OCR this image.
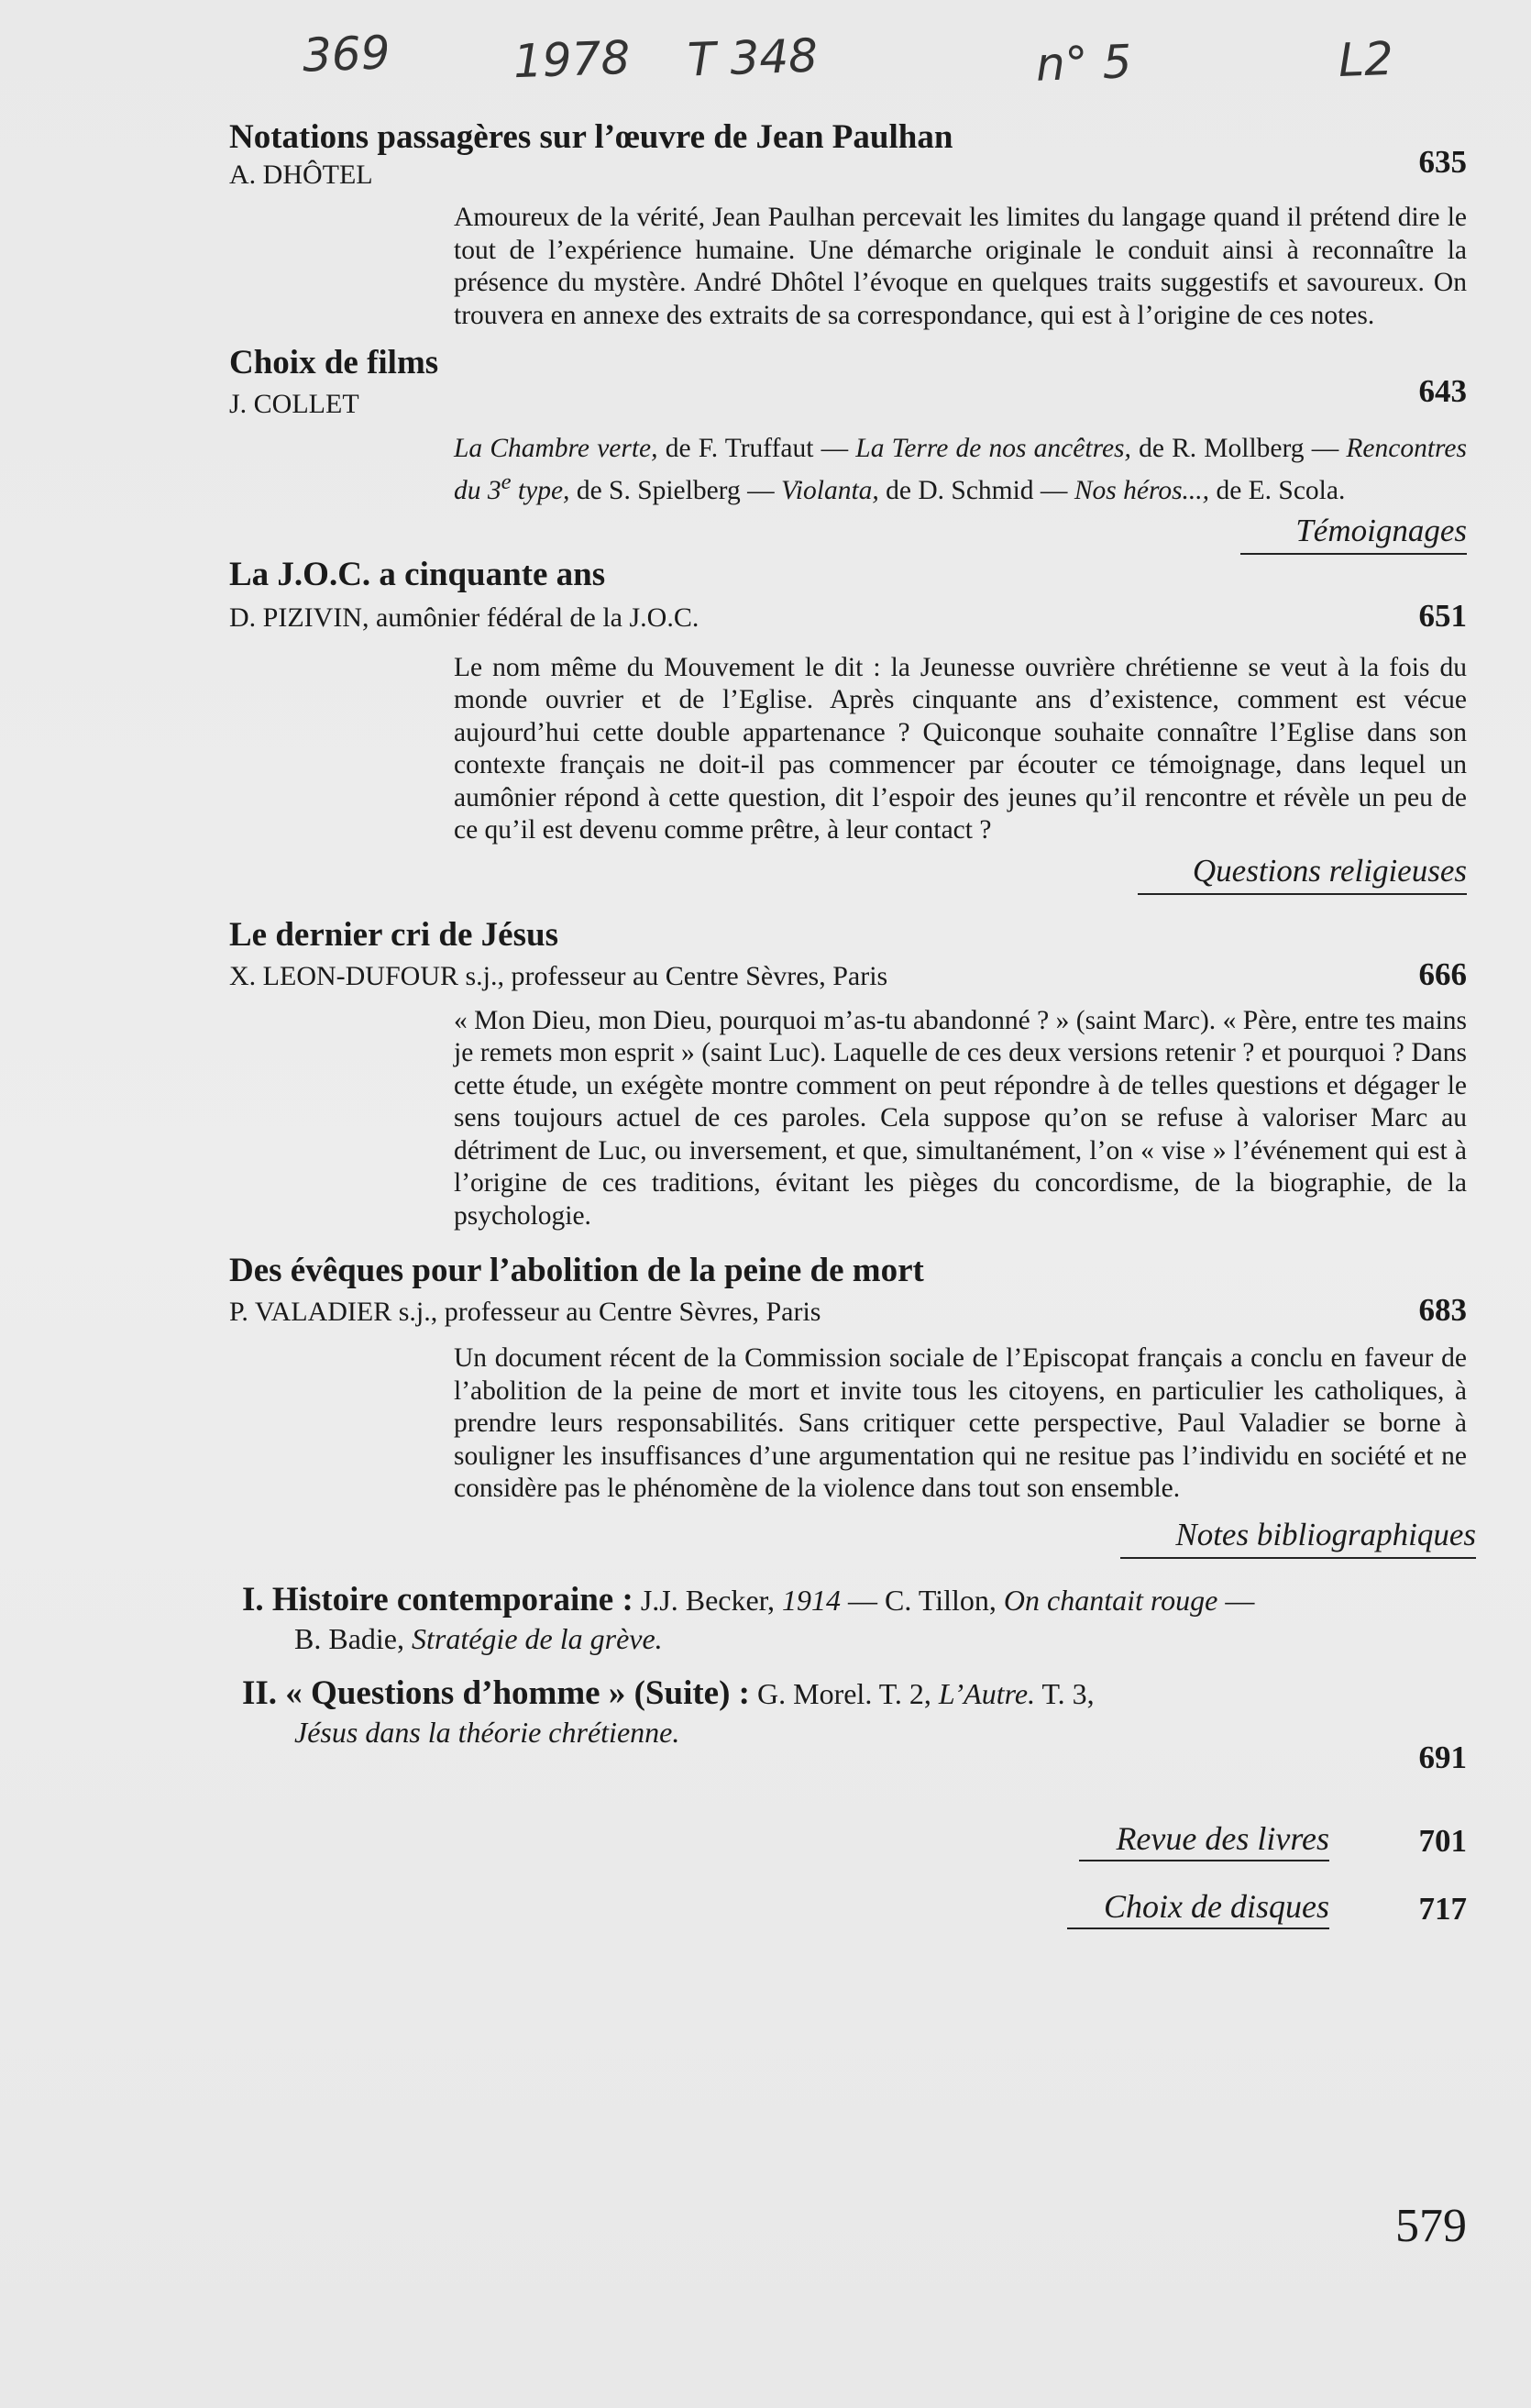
369	1978 T 348	n° 5	L2
Notations passagères sur l’œuvre de Jean Paulhan
A. DHÔTEL	635

Amoureux de la vérité, Jean Paulhan percevait les limites du langage quand il prétend dire le tout de l’expérience humaine. Une démarche originale le conduit ainsi à reconnaître la présence du mystère. André Dhôtel l’évoque en quelques traits suggestifs et savoureux. On trouvera en annexe des extraits de sa correspondance, qui est à l’origine de ces notes.

Choix de films
J. COLLET	643

La Chambre verte, de F. Truffaut — La Terre de nos ancêtres, de R. Mollberg — Rencontres du 3e type, de S. Spielberg — Violanta, de D. Schmid — Nos héros..., de E. Scola.

Témoignages
La J.O.C. a cinquante ans
D. PIZIVIN, aumônier fédéral de la J.O.C.	651

Le nom même du Mouvement le dit : la Jeunesse ouvrière chrétienne se veut à la fois du monde ouvrier et de l’Eglise. Après cinquante ans d’existence, comment est vécue aujourd’hui cette double appartenance ? Quiconque souhaite connaître l’Eglise dans son contexte français ne doit-il pas commencer par écouter ce témoignage, dans lequel un aumônier répond à cette question, dit l’espoir des jeunes qu’il rencontre et révèle un peu de ce qu’il est devenu comme prêtre, à leur contact ?

Questions religieuses
Le dernier cri de Jésus
X. LEON-DUFOUR s.j., professeur au Centre Sèvres, Paris	666

« Mon Dieu, mon Dieu, pourquoi m’as-tu abandonné ? » (saint Marc). « Père, entre tes mains je remets mon esprit » (saint Luc). Laquelle de ces deux versions retenir ? et pourquoi ? Dans cette étude, un exégète montre comment on peut répondre à de telles questions et dégager le sens toujours actuel de ces paroles. Cela suppose qu’on se refuse à valoriser Marc au détriment de Luc, ou inversement, et que, simultanément, l’on « vise » l’événement qui est à l’origine de ces traditions, évitant les pièges du concordisme, de la biographie, de la psychologie.

Des évêques pour l’abolition de la peine de mort
P. VALADIER s.j., professeur au Centre Sèvres, Paris	683

Un document récent de la Commission sociale de l’Episcopat français a conclu en faveur de l’abolition de la peine de mort et invite tous les citoyens, en particulier les catholiques, à prendre leurs responsabilités. Sans critiquer cette perspective, Paul Valadier se borne à souligner les insuffisances d’une argumentation qui ne resitue pas l’individu en société et ne considère pas le phénomène de la violence dans tout son ensemble.

Notes bibliographiques
I. Histoire contemporaine : J.J. Becker, 1914 — C. Tillon, On chantait rouge —
B. Badie, Stratégie de la grève.
II. « Questions d’homme » (Suite) : G. Morel. T. 2, L’Autre. T. 3,
Jésus dans la théorie chrétienne.
691
Revue des livres	701
Choix de disques	717
579
